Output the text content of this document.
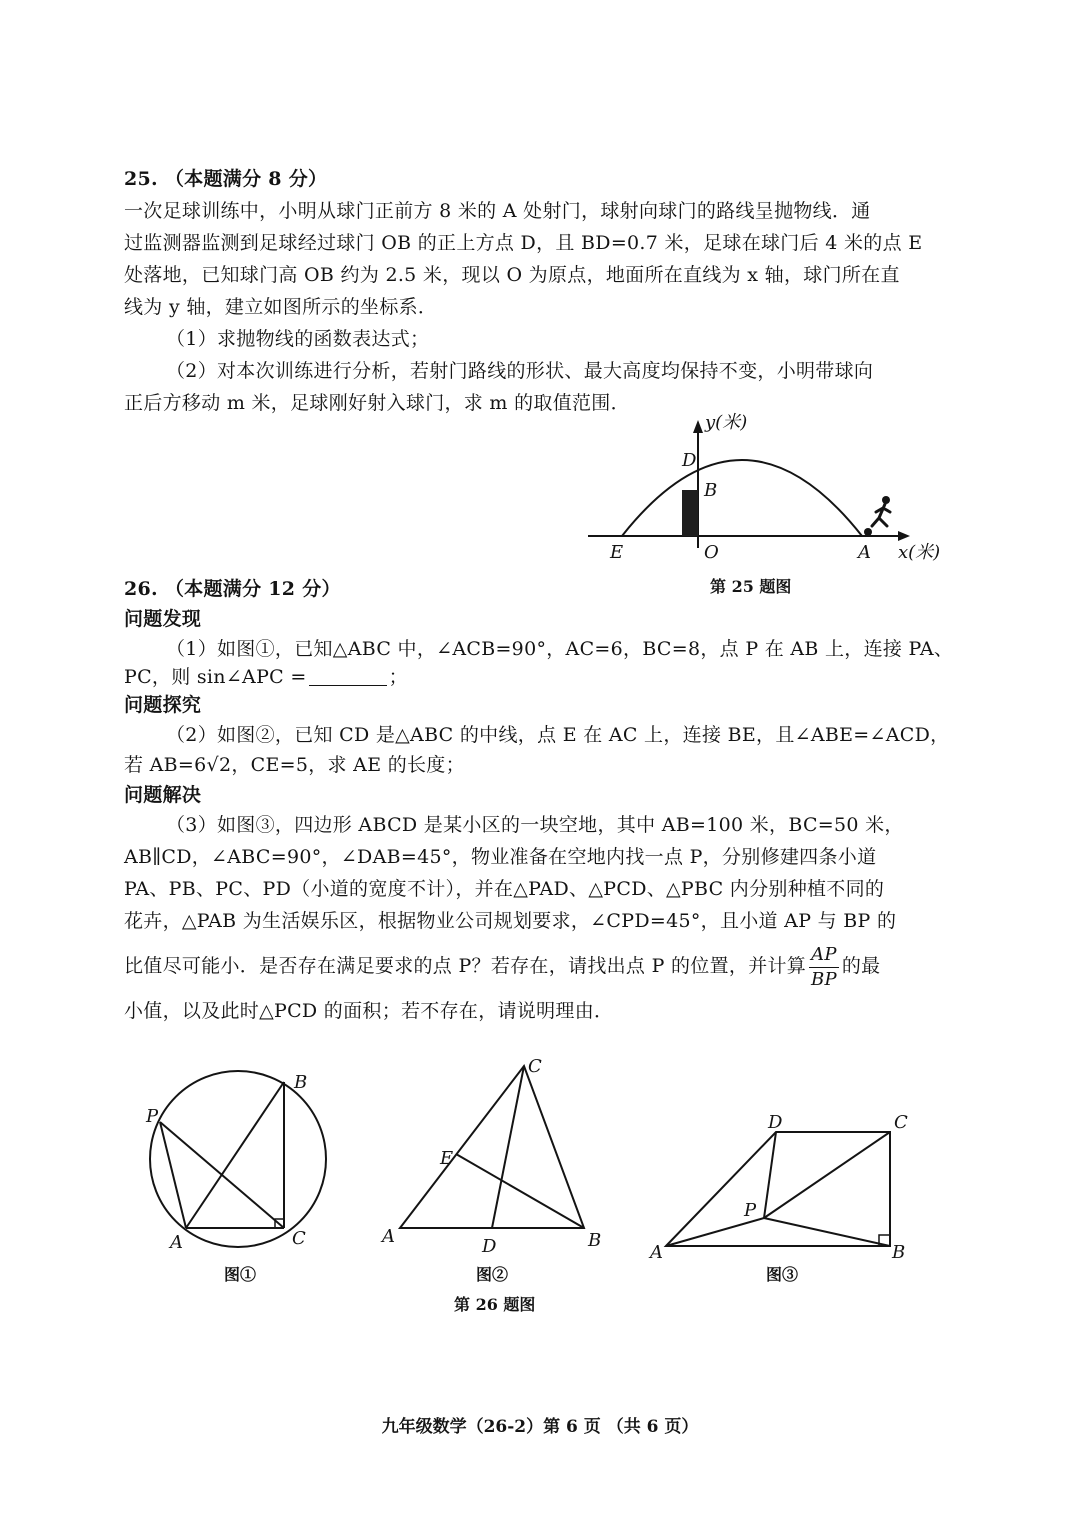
25. （本题满分 8 分）
一次足球训练中，小明从球门正前方 8 米的 A 处射门，球射向球门的路线呈抛物线．通
过监测器监测到足球经过球门 OB 的正上方点 D，且 BD=0.7 米，足球在球门后 4 米的点 E
处落地，已知球门高 OB 约为 2.5 米，现以 O 为原点，地面所在直线为 x 轴，球门所在直
线为 y 轴，建立如图所示的坐标系．
（1）求抛物线的函数表达式；
（2）对本次训练进行分析，若射门路线的形状、最大高度均保持不变，小明带球向
正后方移动 m 米，足球刚好射入球门，求 m 的取值范围．
y(米)
x(米)
D
B
E	O	A
第 25 题图
26. （本题满分 12 分）
问题发现
（1）如图①，已知△ABC 中，∠ACB=90°，AC=6，BC=8，点 P 在 AB 上，连接 PA、
PC，则 sin∠APC =	；
问题探究
（2）如图②，已知 CD 是△ABC 的中线，点 E 在 AC 上，连接 BE，且∠ABE=∠ACD，
若 AB=6√2，CE=5，求 AE 的长度；
问题解决
（3）如图③，四边形 ABCD 是某小区的一块空地，其中 AB=100 米，BC=50 米，
AB∥CD，∠ABC=90°，∠DAB=45°，物业准备在空地内找一点 P，分别修建四条小道
PA、PB、PC、PD（小道的宽度不计），并在△PAD、△PCD、△PBC 内分别种植不同的
花卉，△PAB 为生活娱乐区，根据物业公司规划要求，∠CPD=45°，且小道 AP 与 BP 的
比值尽可能小．是否存在满足要求的点 P？若存在，请找出点 P 的位置，并计算 $\frac{AP}{BP}$ 的最
小值，以及此时△PCD 的面积；若不存在，请说明理由．
P
B
A	C
图①
C
E
A	D	B
图②
D	C
P
A	B
图③
第 26 题图
九年级数学（26-2）第 6 页 （共 6 页）
